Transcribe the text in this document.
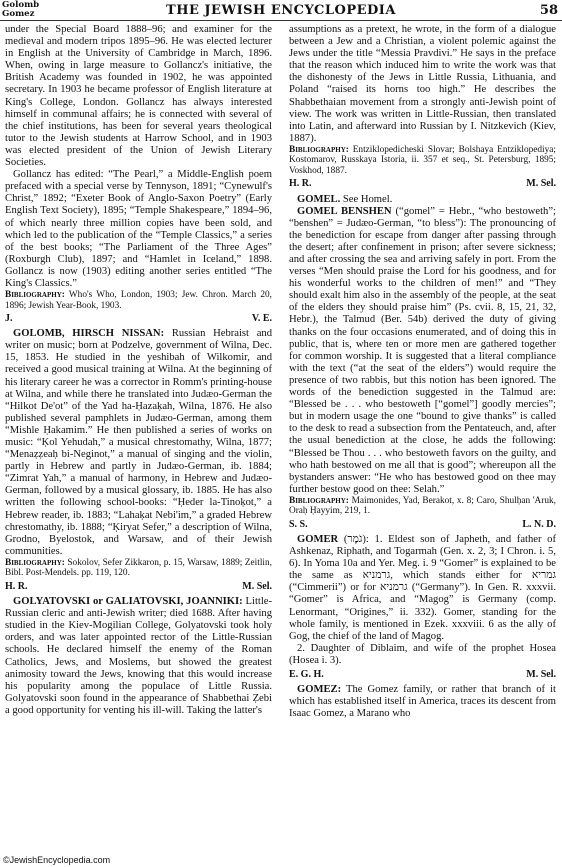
Golomb
Gomez	THE JEWISH ENCYCLOPEDIA	58

under the Special Board 1888–96; and examiner for the medieval and modern tripos 1895–96. He was elected lecturer in English at the University of Cambridge in March, 1896. When, owing in large measure to Gollancz's initiative, the British Academy was founded in 1902, he was appointed secretary. In 1903 he became professor of English literature at King's College, London. Gollancz has always interested himself in communal affairs; he is connected with several of the chief institutions, has been for several years theological tutor to the Jewish students at Harrow School, and in 1903 was elected president of the Union of Jewish Literary Societies.

Gollancz has edited: “The Pearl,” a Middle-English poem prefaced with a special verse by Tennyson, 1891; “Cynewulf's Christ,” 1892; “Exeter Book of Anglo-Saxon Poetry” (Early English Text Society), 1895; “Temple Shakespeare,” 1894–96, of which nearly three million copies have been sold, and which led to the publication of the “Temple Classics,” a series of the best books; “The Parliament of the Three Ages” (Roxburgh Club), 1897; and “Hamlet in Iceland,” 1898. Gollancz is now (1903) editing another series entitled “The King's Classics.”

Bibliography: Who's Who, London, 1903; Jew. Chron. March 20, 1896; Jewish Year-Book, 1903.

J.	V. E.

GOLOMB, HIRSCH NISSAN: Russian Hebraist and writer on music; born at Podzelve, government of Wilna, Dec. 15, 1853. He studied in the yeshibah of Wilkomir, and received a good musical training at Wilna. At the beginning of his literary career he was a corrector in Romm's printing-house at Wilna, and while there he translated into Judæo-German the “Hilkot De'ot” of the Yad ha-Ḥazaḳah, Wilna, 1876. He also published several pamphlets in Judæo-German, among them “Mishle Ḥakamim.” He then published a series of works on music: “Ḳol Yehudah,” a musical chrestomathy, Wilna, 1877; “Menaẓẓeaḥ bi-Neginot,” a manual of singing and the violin, partly in Hebrew and partly in Judæo-German, ib. 1884; “Zimrat Yah,” a manual of harmony, in Hebrew and Judæo-German, followed by a musical glossary, ib. 1885. He has also written the following school-books: “Ḥeder la-Tinoḳot,” a Hebrew reader, ib. 1883; “Lahaḳat Nebi'im,” a graded Hebrew chrestomathy, ib. 1888; “Ḳiryat Sefer,” a description of Wilna, Grodno, Byelostok, and Warsaw, and of their Jewish communities.

Bibliography: Sokolov, Sefer Zikkaron, p. 15, Warsaw, 1889; Zeitlin, Bibl. Post-Mendels. pp. 119, 120.

H. R.	M. Sel.

GOLYATOVSKI or GALIATOVSKI, JOANNIKI: Little-Russian cleric and anti-Jewish writer; died 1688. After having studied in the Kiev-Mogilian College, Golyatovski took holy orders, and was later appointed rector of the Little-Russian schools. He declared himself the enemy of the Roman Catholics, Jews, and Moslems, but showed the greatest animosity toward the Jews, knowing that this would increase his popularity among the populace of Little Russia. Golyatovski soon found in the appearance of Shabbethai Ẓebi a good opportunity for venting his ill-will. Taking the latter's

assumptions as a pretext, he wrote, in the form of a dialogue between a Jew and a Christian, a violent polemic against the Jews under the title “Messia Pravdivi.” He says in the preface that the reason which induced him to write the work was that the dishonesty of the Jews in Little Russia, Lithuania, and Poland “raised its horns too high.” He describes the Shabbethaian movement from a strongly anti-Jewish point of view. The work was written in Little-Russian, then translated into Latin, and afterward into Russian by I. Nitzkevich (Kiev, 1887).

Bibliography: Entziklopedicheski Slovar; Bolshaya Entziklopediya; Kostomarov, Russkaya Istoria, ii. 357 et seq., St. Petersburg, 1895; Voskhod, 1887.

H. R.	M. Sel.

GOMEL. See Homel.

GOMEL BENSHEN (“gomel” = Hebr., “who bestoweth”; “benshen” = Judæo-German, “to bless”): The pronouncing of the benediction for escape from danger after passing through the desert; after confinement in prison; after severe sickness; and after crossing the sea and arriving safely in port. From the verses “Men should praise the Lord for his goodness, and for his wonderful works to the children of men!” and “They should exalt him also in the assembly of the people, at the seat of the elders they should praise him” (Ps. cvii. 8, 15, 21, 32, Hebr.), the Talmud (Ber. 54b) derived the duty of giving thanks on the four occasions enumerated, and of doing this in public, that is, where ten or more men are gathered together for common worship. It is suggested that a literal compliance with the text (“at the seat of the elders”) would require the presence of two rabbis, but this notion has been ignored. The words of the benediction suggested in the Talmud are: “Blessed be . . . who bestoweth [“gomel”] goodly mercies”; but in modern usage the one “bound to give thanks” is called to the desk to read a subsection from the Pentateuch, and, after the usual benediction at the close, he adds the following: “Blessed be Thou . . . who bestoweth favors on the guilty, and who hath bestowed on me all that is good”; whereupon all the bystanders answer: “He who has bestowed good on thee may further bestow good on thee: Selah.”

Bibliography: Maimonides, Yad, Berakot, x. 8; Caro, Shulḥan 'Aruk, Oraḥ Ḥayyim, 219, 1.

S. S.	L. N. D.

GOMER (גֹמֶר): 1. Eldest son of Japheth, and father of Ashkenaz, Riphath, and Togarmah (Gen. x. 2, 3; I Chron. i. 5, 6). In Yoma 10a and Yer. Meg. i. 9 “Gomer” is explained to be the same as גרמניא, which stands either for גמריא (“Cimmerii”) or for גרמניא (“Germany”). In Gen. R. xxxvii. “Gomer” is Africa, and “Magog” is Germany (comp. Lenormant, “Origines,” ii. 332). Gomer, standing for the whole family, is mentioned in Ezek. xxxviii. 6 as the ally of Gog, the chief of the land of Magog.

2. Daughter of Diblaim, and wife of the prophet Hosea (Hosea i. 3).

E. G. H.	M. Sel.

GOMEZ: The Gomez family, or rather that branch of it which has established itself in America, traces its descent from Isaac Gomez, a Marano who

©JewishEncyclopedia.com
